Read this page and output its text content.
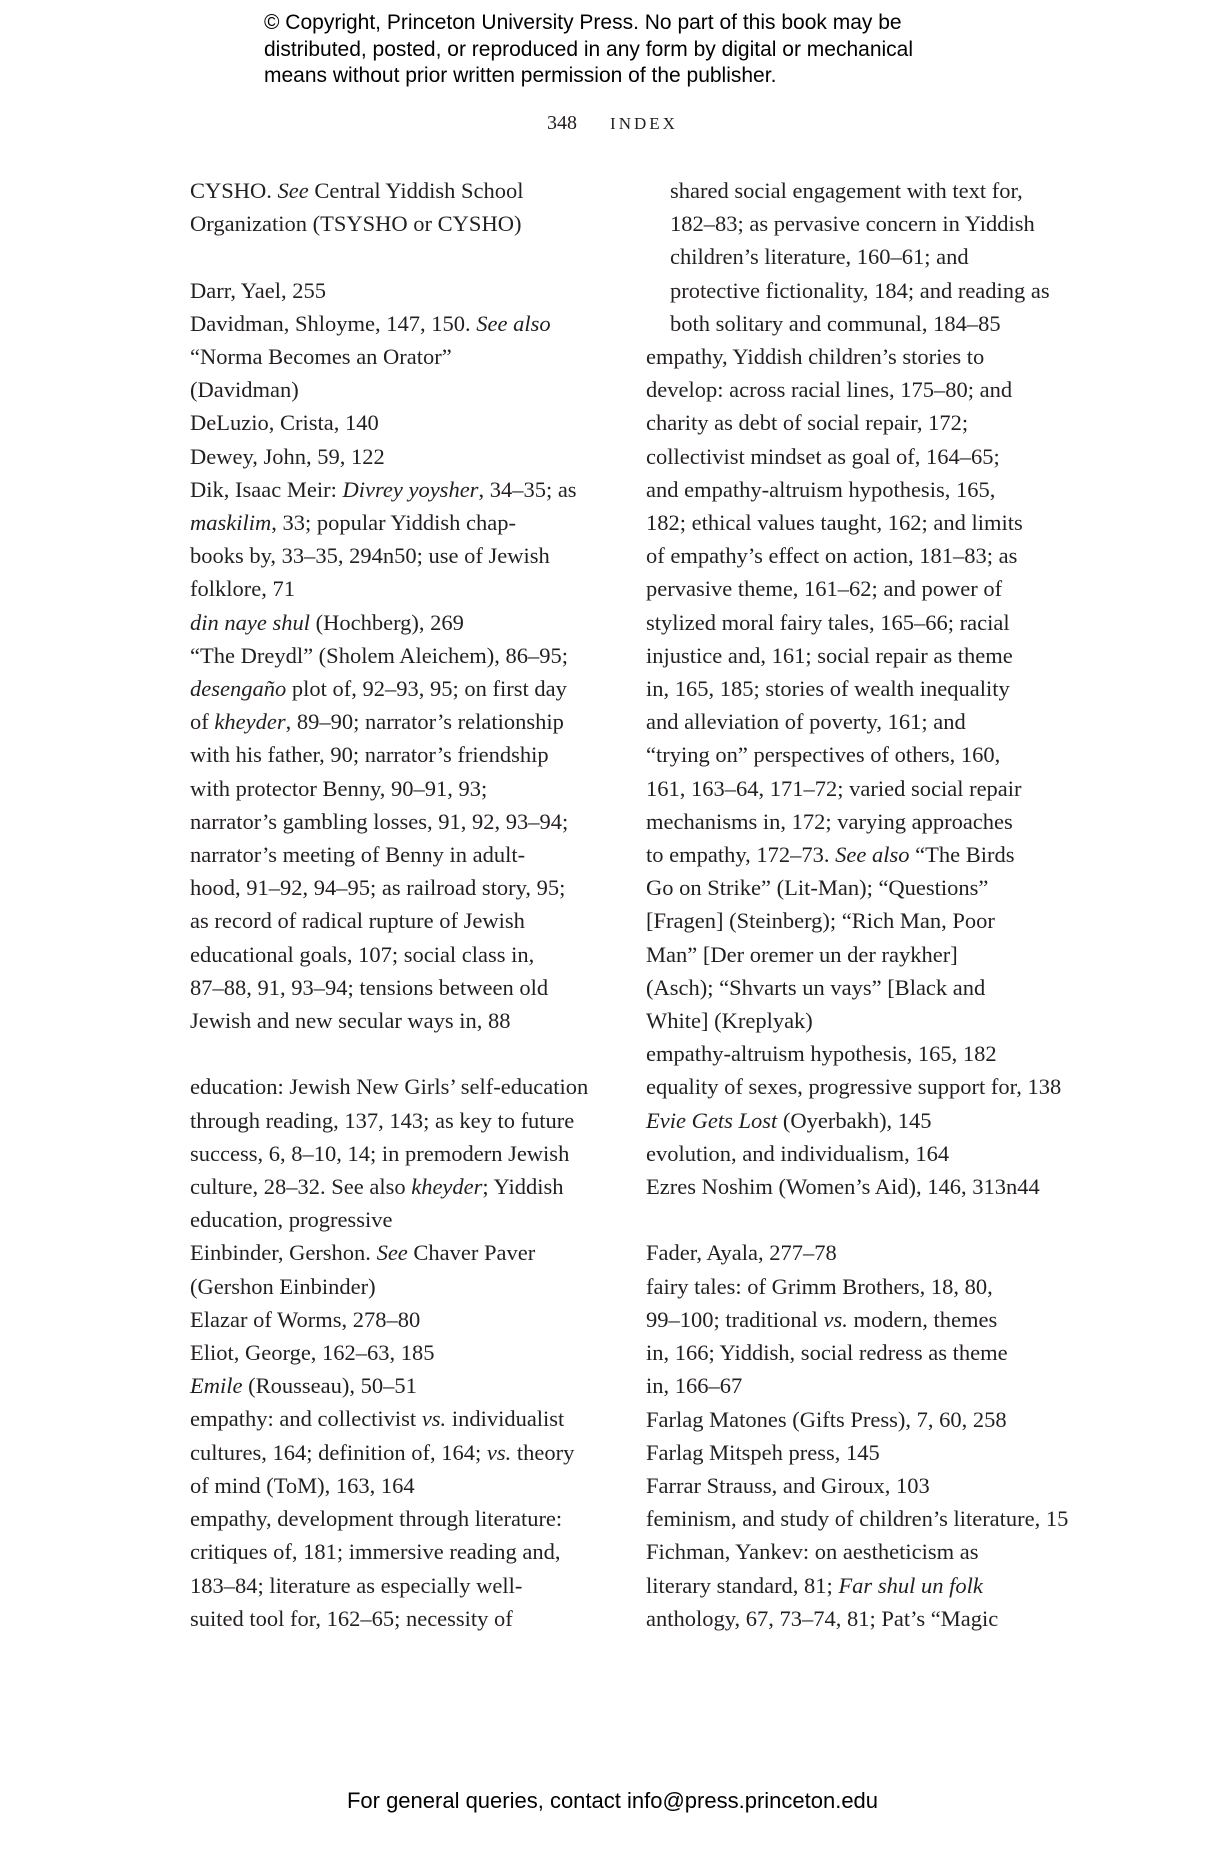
© Copyright, Princeton University Press. No part of this book may be

distributed, posted, or reproduced in any form by digital or mechanical

means without prior written permission of the publisher.

348 INDEX
CYSHO. See Central Yiddish School
Organization (TSYSHO or CYSHO)
Darr, Yael, 255
Davidman, Shloyme, 147, 150. See also
“Norma Becomes an Orator”
(Davidman)
DeLuzio, Crista, 140
Dewey, John, 59, 122
Dik, Isaac Meir: Divrey yoysher, 34–35; as
maskilim, 33; popular Yiddish chap-
books by, 33–35, 294n50; use of Jewish
folklore, 71
din naye shul (Hochberg), 269
“The Dreydl” (Sholem Aleichem), 86–95;
desengaño plot of, 92–93, 95; on first day
of kheyder, 89–90; narrator’s relationship
with his father, 90; narrator’s friendship
with protector Benny, 90–91, 93;
narrator’s gambling losses, 91, 92, 93–94;
narrator’s meeting of Benny in adult-
hood, 91–92, 94–95; as railroad story, 95;
as record of radical rupture of Jewish
educational goals, 107; social class in,
87–88, 91, 93–94; tensions between old
Jewish and new secular ways in, 88
education: Jewish New Girls’ self-education
through reading, 137, 143; as key to future
success, 6, 8–10, 14; in premodern Jewish
culture, 28–32. See also kheyder; Yiddish
education, progressive
Einbinder, Gershon. See Chaver Paver
(Gershon Einbinder)
Elazar of Worms, 278–80
Eliot, George, 162–63, 185
Emile (Rousseau), 50–51
empathy: and collectivist vs. individualist
cultures, 164; definition of, 164; vs. theory
of mind (ToM), 163, 164
empathy, development through literature:
critiques of, 181; immersive reading and,
183–84; literature as especially well-
suited tool for, 162–65; necessity of
shared social engagement with text for,
182–83; as pervasive concern in Yiddish
children’s literature, 160–61; and
protective fictionality, 184; and reading as
both solitary and communal, 184–85
empathy, Yiddish children’s stories to
develop: across racial lines, 175–80; and
charity as debt of social repair, 172;
collectivist mindset as goal of, 164–65;
and empathy-altruism hypothesis, 165,
182; ethical values taught, 162; and limits
of empathy’s effect on action, 181–83; as
pervasive theme, 161–62; and power of
stylized moral fairy tales, 165–66; racial
injustice and, 161; social repair as theme
in, 165, 185; stories of wealth inequality
and alleviation of poverty, 161; and
“trying on” perspectives of others, 160,
161, 163–64, 171–72; varied social repair
mechanisms in, 172; varying approaches
to empathy, 172–73. See also “The Birds
Go on Strike” (Lit-Man); “Questions”
[Fragen] (Steinberg); “Rich Man, Poor
Man” [Der oremer un der raykher]
(Asch); “Shvarts un vays” [Black and
White] (Kreplyak)
empathy-altruism hypothesis, 165, 182
equality of sexes, progressive support for, 138
Evie Gets Lost (Oyerbakh), 145
evolution, and individualism, 164
Ezres Noshim (Women’s Aid), 146, 313n44
Fader, Ayala, 277–78
fairy tales: of Grimm Brothers, 18, 80,
99–100; traditional vs. modern, themes
in, 166; Yiddish, social redress as theme
in, 166–67
Farlag Matones (Gifts Press), 7, 60, 258
Farlag Mitspeh press, 145
Farrar Strauss, and Giroux, 103
feminism, and study of children’s literature, 15
Fichman, Yankev: on aestheticism as
literary standard, 81; Far shul un folk
anthology, 67, 73–74, 81; Pat’s “Magic
For general queries, contact info@press.princeton.edu
